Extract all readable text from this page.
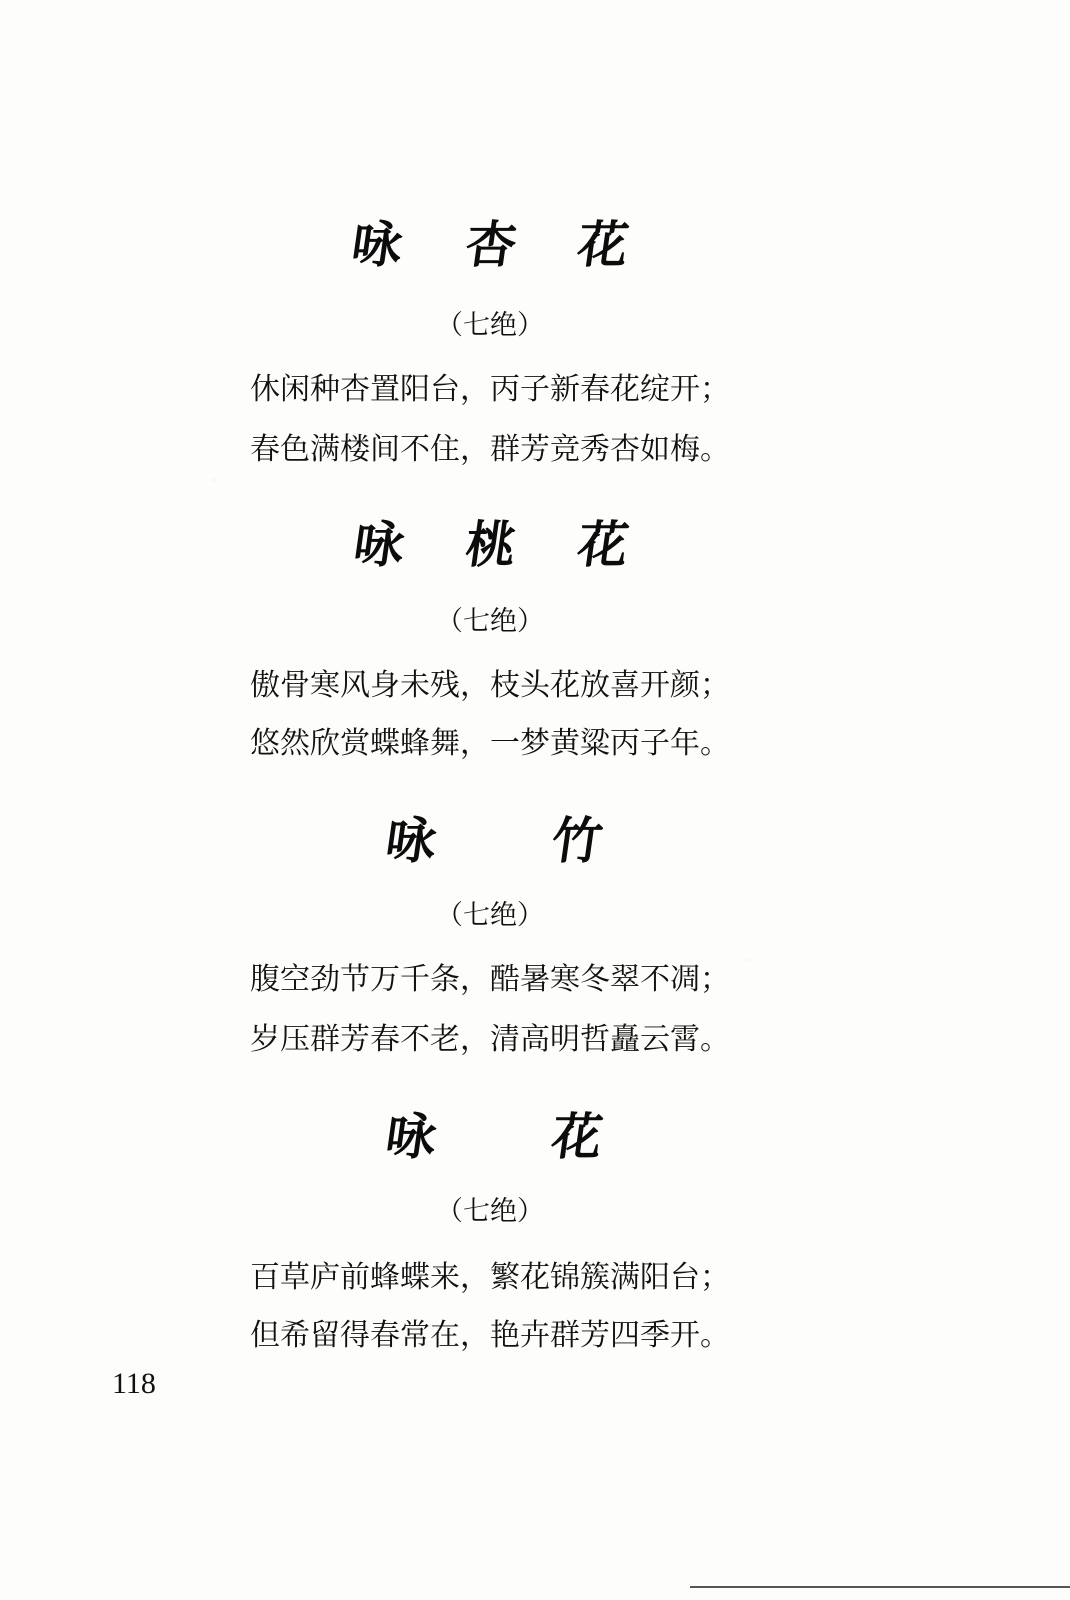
咏 杏 花
（七绝）
休闲种杏置阳台，丙子新春花绽开；
春色满楼间不住，群芳竞秀杏如梅。
咏 桃 花
（七绝）
傲骨寒风身未残，枝头花放喜开颜；
悠然欣赏蝶蜂舞，一梦黄粱丙子年。
咏 竹
（七绝）
腹空劲节万千条，酷暑寒冬翠不凋；
岁压群芳春不老，清高明哲矗云霄。
咏 花
（七绝）
百草庐前蜂蝶来，繁花锦簇满阳台；
但希留得春常在，艳卉群芳四季开。
118
